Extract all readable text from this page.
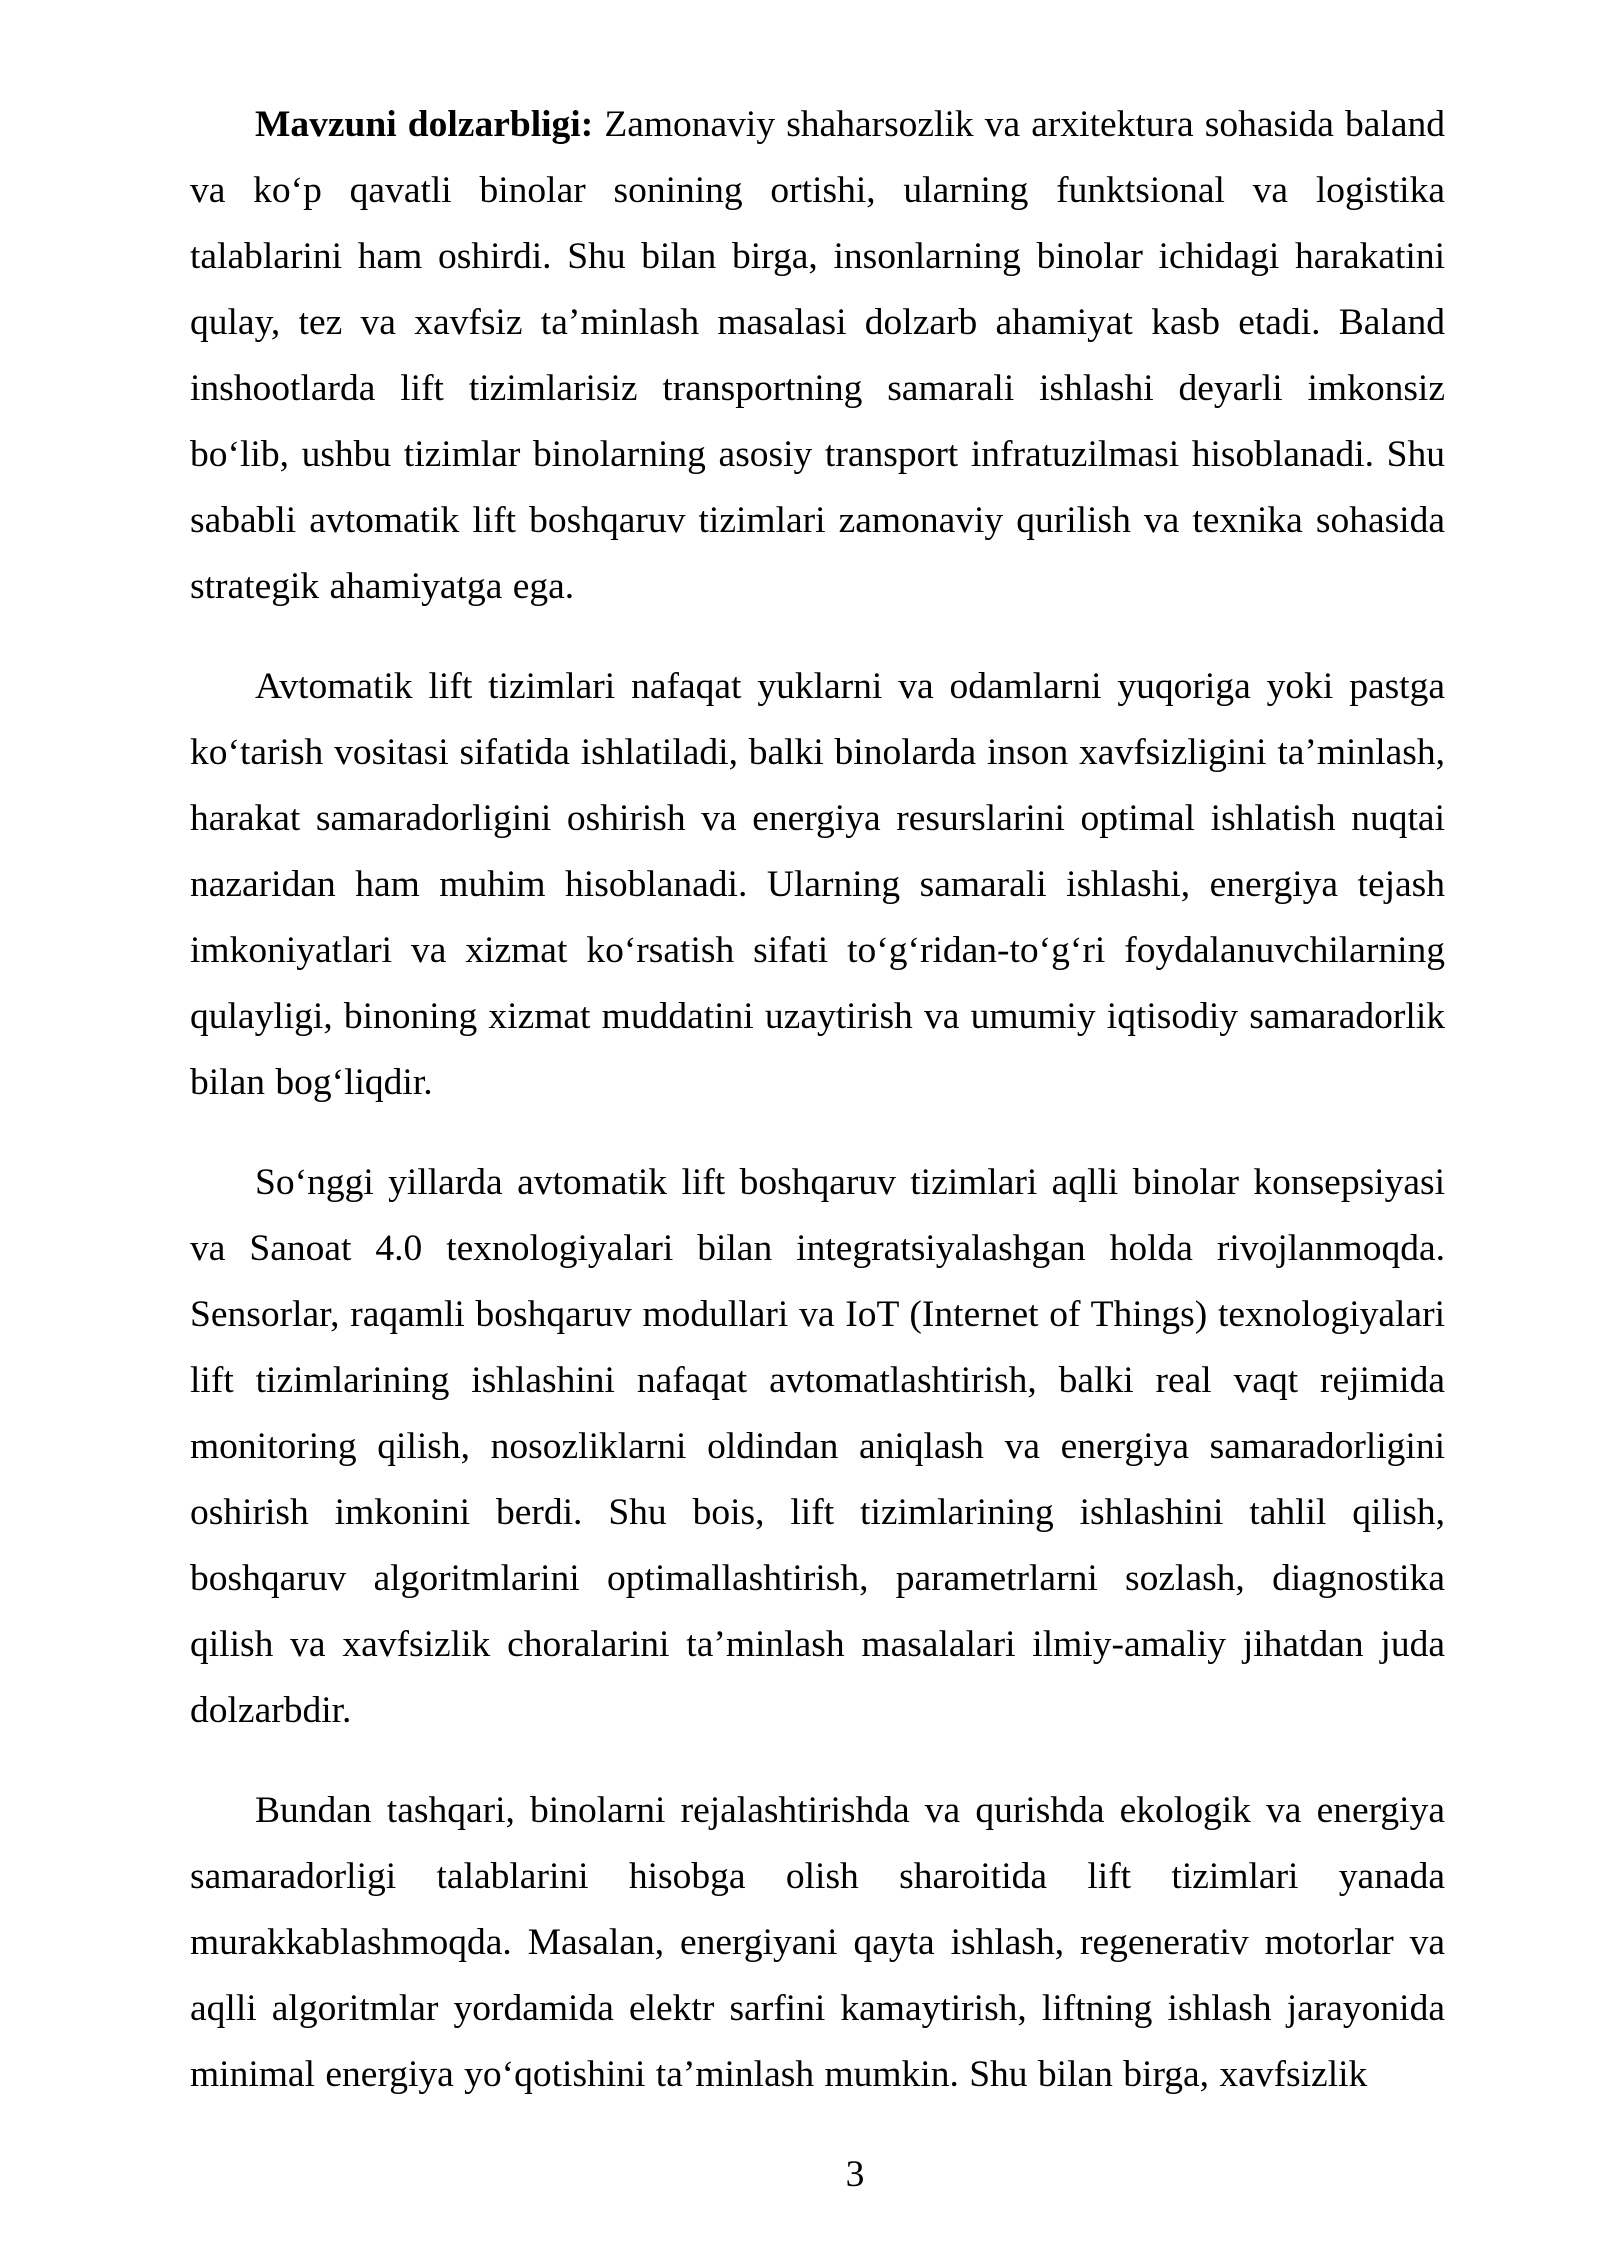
Mavzuni dolzarbligi: Zamonaviy shaharsozlik va arxitektura sohasida baland va ko‘p qavatli binolar sonining ortishi, ularning funktsional va logistika talablarini ham oshirdi. Shu bilan birga, insonlarning binolar ichidagi harakatini qulay, tez va xavfsiz ta’minlash masalasi dolzarb ahamiyat kasb etadi. Baland inshootlarda lift tizimlarisiz transportning samarali ishlashi deyarli imkonsiz bo‘lib, ushbu tizimlar binolarning asosiy transport infratuzilmasi hisoblanadi. Shu sababli avtomatik lift boshqaruv tizimlari zamonaviy qurilish va texnika sohasida strategik ahamiyatga ega.

Avtomatik lift tizimlari nafaqat yuklarni va odamlarni yuqoriga yoki pastga ko‘tarish vositasi sifatida ishlatiladi, balki binolarda inson xavfsizligini ta’minlash, harakat samaradorligini oshirish va energiya resurslarini optimal ishlatish nuqtai nazaridan ham muhim hisoblanadi. Ularning samarali ishlashi, energiya tejash imkoniyatlari va xizmat ko‘rsatish sifati to‘g‘ridan-to‘g‘ri foydalanuvchilarning qulayligi, binoning xizmat muddatini uzaytirish va umumiy iqtisodiy samaradorlik bilan bog‘liqdir.

So‘nggi yillarda avtomatik lift boshqaruv tizimlari aqlli binolar konsepsiyasi va Sanoat 4.0 texnologiyalari bilan integratsiyalashgan holda rivojlanmoqda. Sensorlar, raqamli boshqaruv modullari va IoT (Internet of Things) texnologiyalari lift tizimlarining ishlashini nafaqat avtomatlashtirish, balki real vaqt rejimida monitoring qilish, nosozliklarni oldindan aniqlash va energiya samaradorligini oshirish imkonini berdi. Shu bois, lift tizimlarining ishlashini tahlil qilish, boshqaruv algoritmlarini optimallashtirish, parametrlarni sozlash, diagnostika qilish va xavfsizlik choralarini ta’minlash masalalari ilmiy-amaliy jihatdan juda dolzarbdir.

Bundan tashqari, binolarni rejalashtirishda va qurishda ekologik va energiya samaradorligi talablarini hisobga olish sharoitida lift tizimlari yanada murakkablashmoqda. Masalan, energiyani qayta ishlash, regenerativ motorlar va aqlli algoritmlar yordamida elektr sarfini kamaytirish, liftning ishlash jarayonida minimal energiya yo‘qotishini ta’minlash mumkin. Shu bilan birga, xavfsizlik

3
